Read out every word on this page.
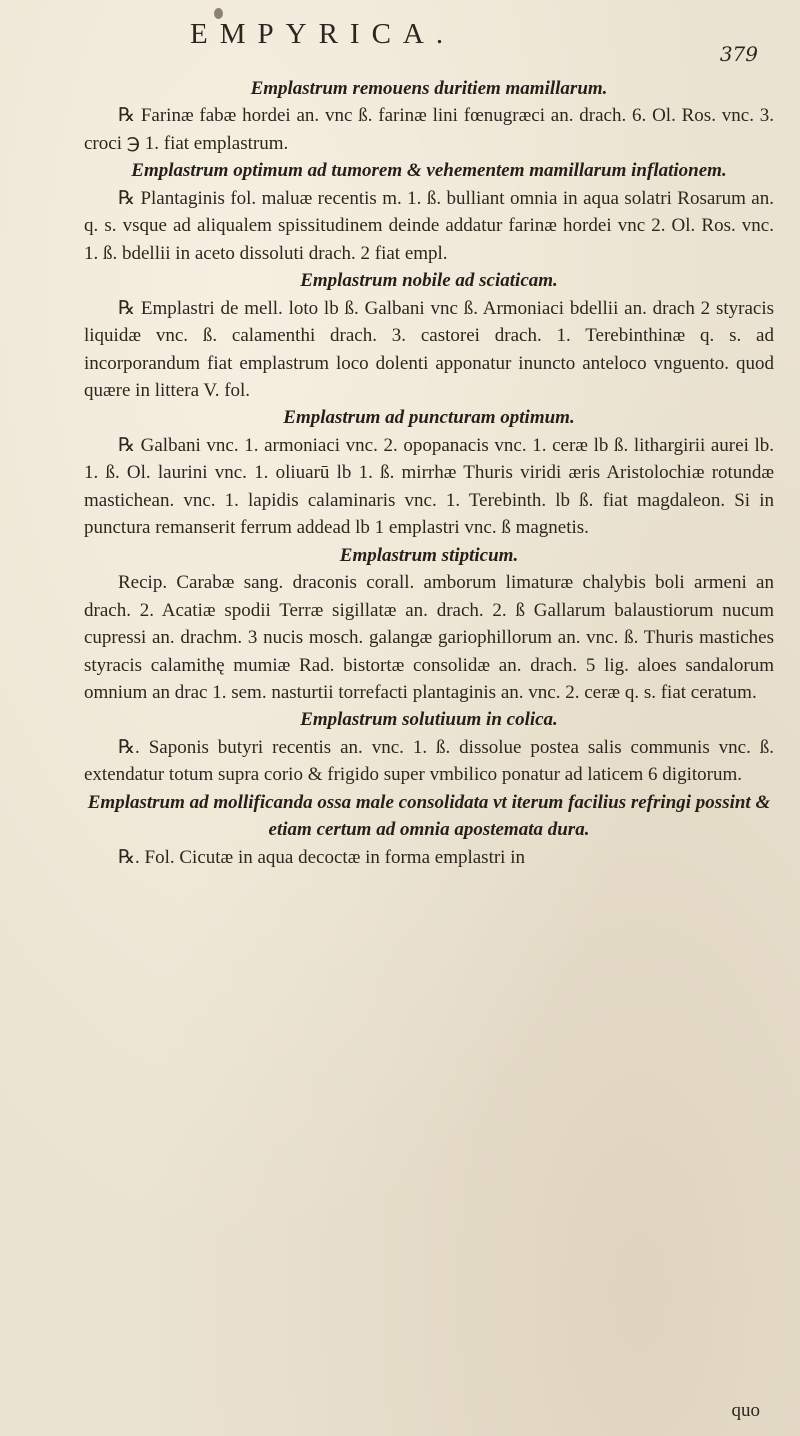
EMPYRICA.
379

Emplastrum remouens duritiem mamillarum.

℞ Farinæ fabæ hordei an. vnc ß. farinæ lini fœnugræci an. drach. 6. Ol. Ros. vnc. 3. croci ℈ 1. fiat emplastrum.

Emplastrum optimum ad tumorem & vehementem mamillarum inflationem.

℞ Plantaginis fol. maluæ recentis m. 1. ß. bulliant omnia in aqua solatri Rosarum an. q. s. vsque ad aliqualem spissitudinem deinde addatur farinæ hordei vnc 2. Ol. Ros. vnc. 1. ß. bdellii in aceto dissoluti drach. 2 fiat empl.

Emplastrum nobile ad sciaticam.

℞ Emplastri de mell. loto lb ß. Galbani vnc ß. Armoniaci bdellii an. drach 2 styracis liquidæ vnc. ß. calamenthi drach. 3. castorei drach. 1. Terebinthinæ q. s. ad incorporandum fiat emplastrum loco dolenti apponatur inuncto anteloco vnguento. quod quære in littera V. fol.

Emplastrum ad puncturam optimum.

℞ Galbani vnc. 1. armoniaci vnc. 2. opopanacis vnc. 1. ceræ lb ß. lithargirii aurei lb. 1. ß. Ol. laurini vnc. 1. oliuarū lb 1. ß. mirrhæ Thuris viridi æris Aristolochiæ rotundæ mastichean. vnc. 1. lapidis calaminaris vnc. 1. Terebinth. lb ß. fiat magdaleon. Si in punctura remanserit ferrum addead lb 1 emplastri vnc. ß magnetis.

Emplastrum stipticum.

Recip. Carabæ sang. draconis corall. amborum limaturæ chalybis boli armeni an drach. 2. Acatiæ spodii Terræ sigillatæ an. drach. 2. ß Gallarum balaustiorum nucum cupressi an. drachm. 3 nucis mosch. galangæ gariophillorum an. vnc. ß. Thuris mastiches styracis calamithę mumiæ Rad. bistortæ consolidæ an. drach. 5 lig. aloes sandalorum omnium an drac 1. sem. nasturtii torrefacti plantaginis an. vnc. 2. ceræ q. s. fiat ceratum.

Emplastrum solutiuum in colica.

℞. Saponis butyri recentis an. vnc. 1. ß. dissolue postea salis communis vnc. ß. extendatur totum supra corio & frigido super vmbilico ponatur ad laticem 6 digitorum.

Emplastrum ad mollificanda ossa male consolidata vt iterum facilius refringi possint & etiam certum ad omnia apostemata dura.

℞. Fol. Cicutæ in aqua decoctæ in forma emplastri in

quo
